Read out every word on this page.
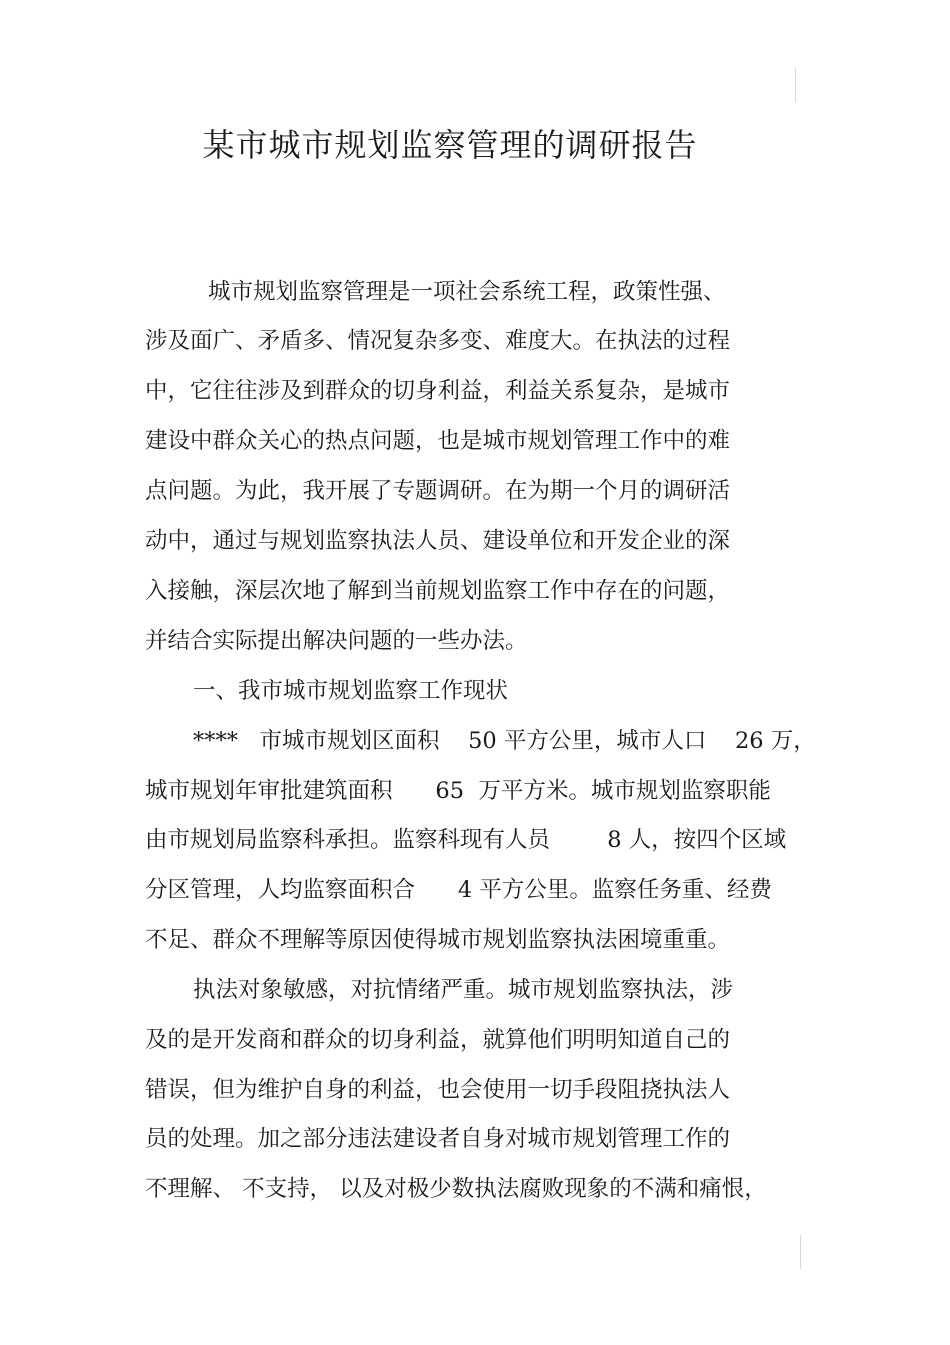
某市城市规划监察管理的调研报告
城市规划监察管理是一项社会系统工程，政策性强、
涉及面广、矛盾多、情况复杂多变、难度大。在执法的过程
中，它往往涉及到群众的切身利益，利益关系复杂，是城市
建设中群众关心的热点问题，也是城市规划管理工作中的难
点问题。为此，我开展了专题调研。在为期一个月的调研活
动中，通过与规划监察执法人员、建设单位和开发企业的深
入接触，深层次地了解到当前规划监察工作中存在的问题，
并结合实际提出解决问题的一些办法。
一、我市城市规划监察工作现状
****   市城市规划区面积    50 平方公里，城市人口    26 万，
城市规划年审批建筑面积      65  万平方米。城市规划监察职能
由市规划局监察科承担。监察科现有人员        8 人，按四个区域
分区管理，人均监察面积合      4 平方公里。监察任务重、经费
不足、群众不理解等原因使得城市规划监察执法困境重重。
执法对象敏感，对抗情绪严重。城市规划监察执法，涉
及的是开发商和群众的切身利益，就算他们明明知道自己的
错误，但为维护自身的利益，也会使用一切手段阻挠执法人
员的处理。加之部分违法建设者自身对城市规划管理工作的
不理解、 不支持， 以及对极少数执法腐败现象的不满和痛恨，
